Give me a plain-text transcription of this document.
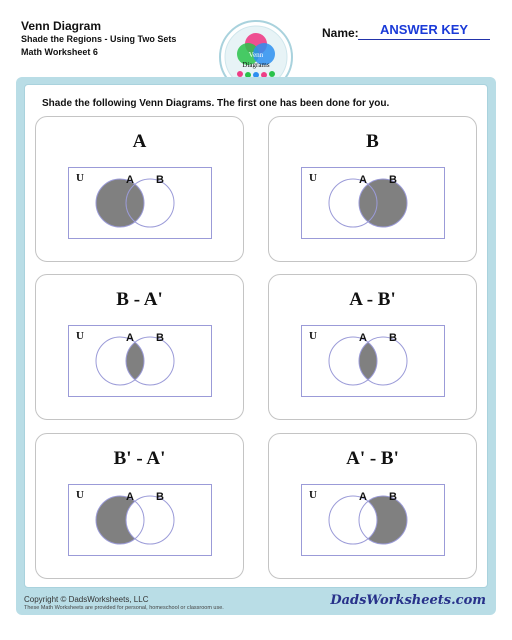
Venn Diagram
Shade the Regions - Using Two Sets
Math Worksheet 6	Venn
Diagrams
Name:	ANSWER KEY
Shade the following Venn Diagrams. The first one has been done for you.
A
U	A B
B
U	A B
B - A'
U	A B
A - B'
U	A B
B' - A'
U	A B
A' - B'
U	A B
Copyright © DadsWorksheets, LLC
These Math Worksheets are provided for personal, homeschool or classroom use.	DadsWorksheets.com
